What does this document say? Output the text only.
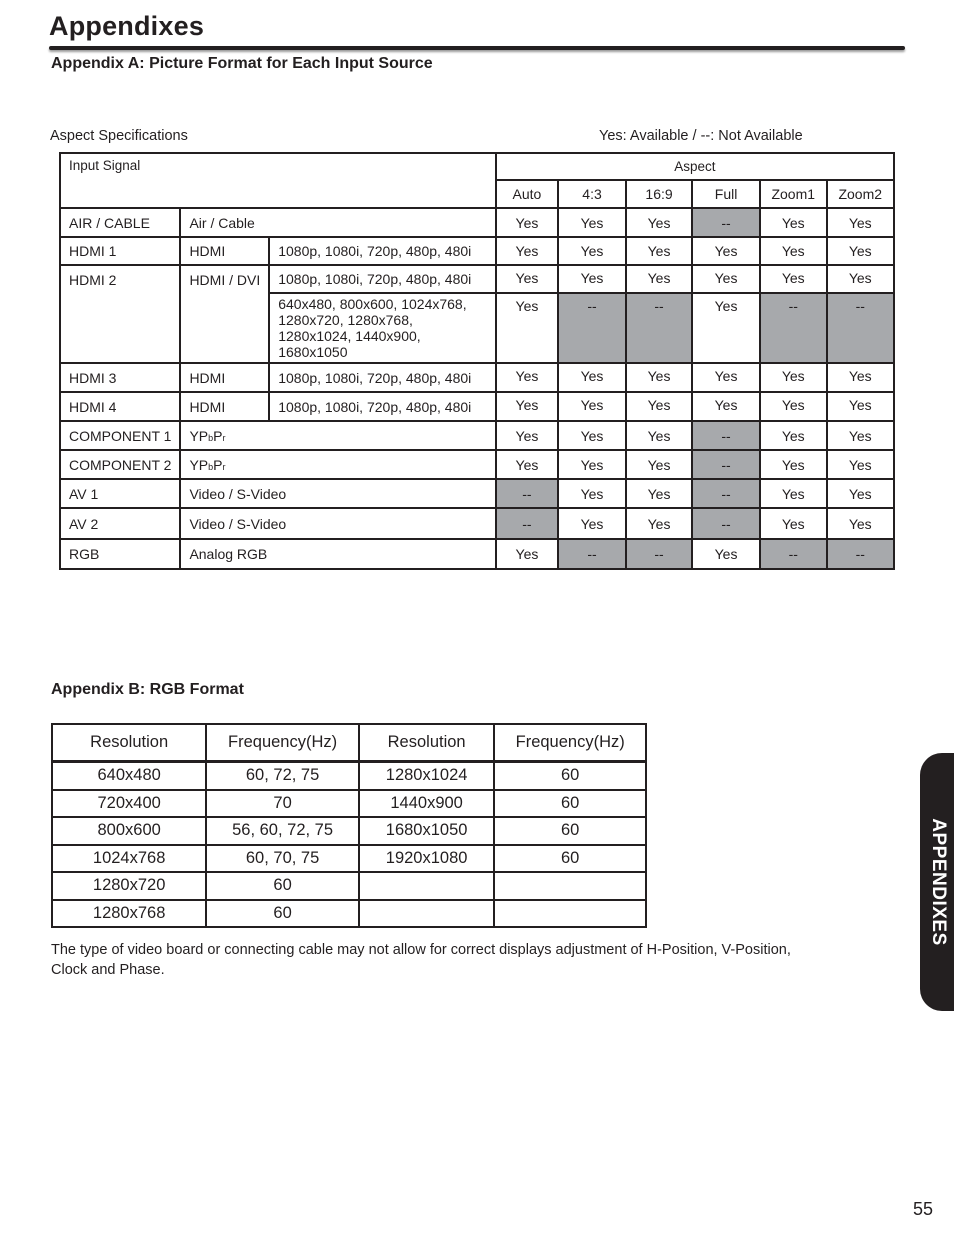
Appendixes
Appendix A: Picture Format for Each Input Source

Aspect Specifications	Yes: Available / --: Not Available

Input Signal			Aspect					
			Auto	4:3	16:9	Full	Zoom1	Zoom2
AIR / CABLE	Air / Cable		Yes	Yes	Yes	--	Yes	Yes
HDMI 1	HDMI	1080p, 1080i, 720p, 480p, 480i	Yes	Yes	Yes	Yes	Yes	Yes
HDMI 2	HDMI / DVI	1080p, 1080i, 720p, 480p, 480i	Yes	Yes	Yes	Yes	Yes	Yes
		640x480, 800x600, 1024x768, 1280x720, 1280x768, 1280x1024, 1440x900, 1680x1050	Yes	--	--	Yes	--	--
HDMI 3	HDMI	1080p, 1080i, 720p, 480p, 480i	Yes	Yes	Yes	Yes	Yes	Yes
HDMI 4	HDMI	1080p, 1080i, 720p, 480p, 480i	Yes	Yes	Yes	Yes	Yes	Yes
COMPONENT 1	YPbPr		Yes	Yes	Yes	--	Yes	Yes
COMPONENT 2	YPbPr		Yes	Yes	Yes	--	Yes	Yes
AV 1	Video / S-Video		--	Yes	Yes	--	Yes	Yes
AV 2	Video / S-Video		--	Yes	Yes	--	Yes	Yes
RGB	Analog RGB		Yes	--	--	Yes	--	--
Appendix B: RGB Format
Resolution	Frequency(Hz)	Resolution	Frequency(Hz)
640x480	60, 72, 75	1280x1024	60
720x400	70	1440x900	60
800x600	56, 60, 72, 75	1680x1050	60
1024x768	60, 70, 75	1920x1080	60
1280x720	60		
1280x768	60		

The type of video board or connecting cable may not allow for correct displays adjustment of H-Position, V-Position, Clock and Phase.

APPENDIXES
55
